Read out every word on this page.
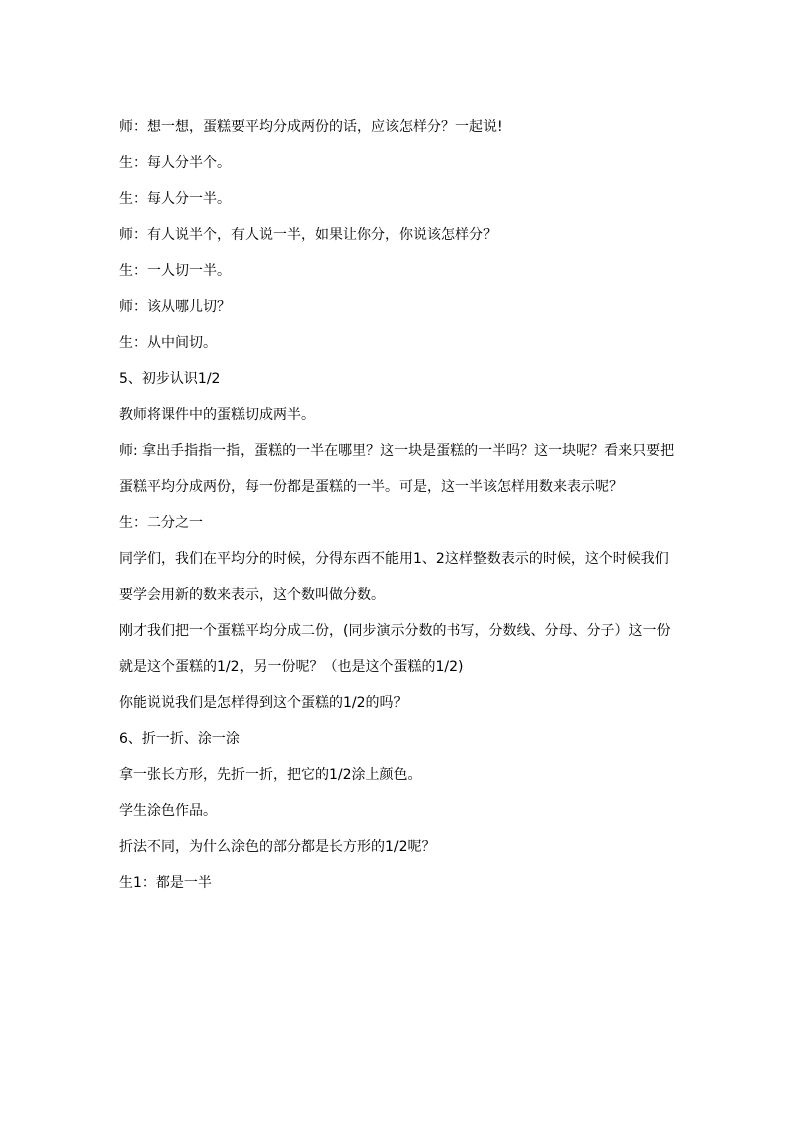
师：想一想，蛋糕要平均分成两份的话，应该怎样分？一起说!

生：每人分半个。

生：每人分一半。

师：有人说半个，有人说一半，如果让你分，你说该怎样分？

生：一人切一半。

师：该从哪儿切？

生：从中间切。

5、初步认识1/2

教师将课件中的蛋糕切成两半。

师: 拿出手指指一指，蛋糕的一半在哪里？这一块是蛋糕的一半吗？这一块呢？看来只要把蛋糕平均分成两份，每一份都是蛋糕的一半。可是，这一半该怎样用数来表示呢？

生：二分之一

同学们，我们在平均分的时候，分得东西不能用1、2这样整数表示的时候，这个时候我们要学会用新的数来表示，这个数叫做分数。

刚才我们把一个蛋糕平均分成二份，(同步演示分数的书写，分数线、分母、分子）这一份就是这个蛋糕的1/2，另一份呢？（也是这个蛋糕的1/2)

你能说说我们是怎样得到这个蛋糕的1/2的吗？

6、折一折、涂一涂

拿一张长方形，先折一折，把它的1/2涂上颜色。

学生涂色作品。

折法不同，为什么涂色的部分都是长方形的1/2呢？

生1：都是一半
